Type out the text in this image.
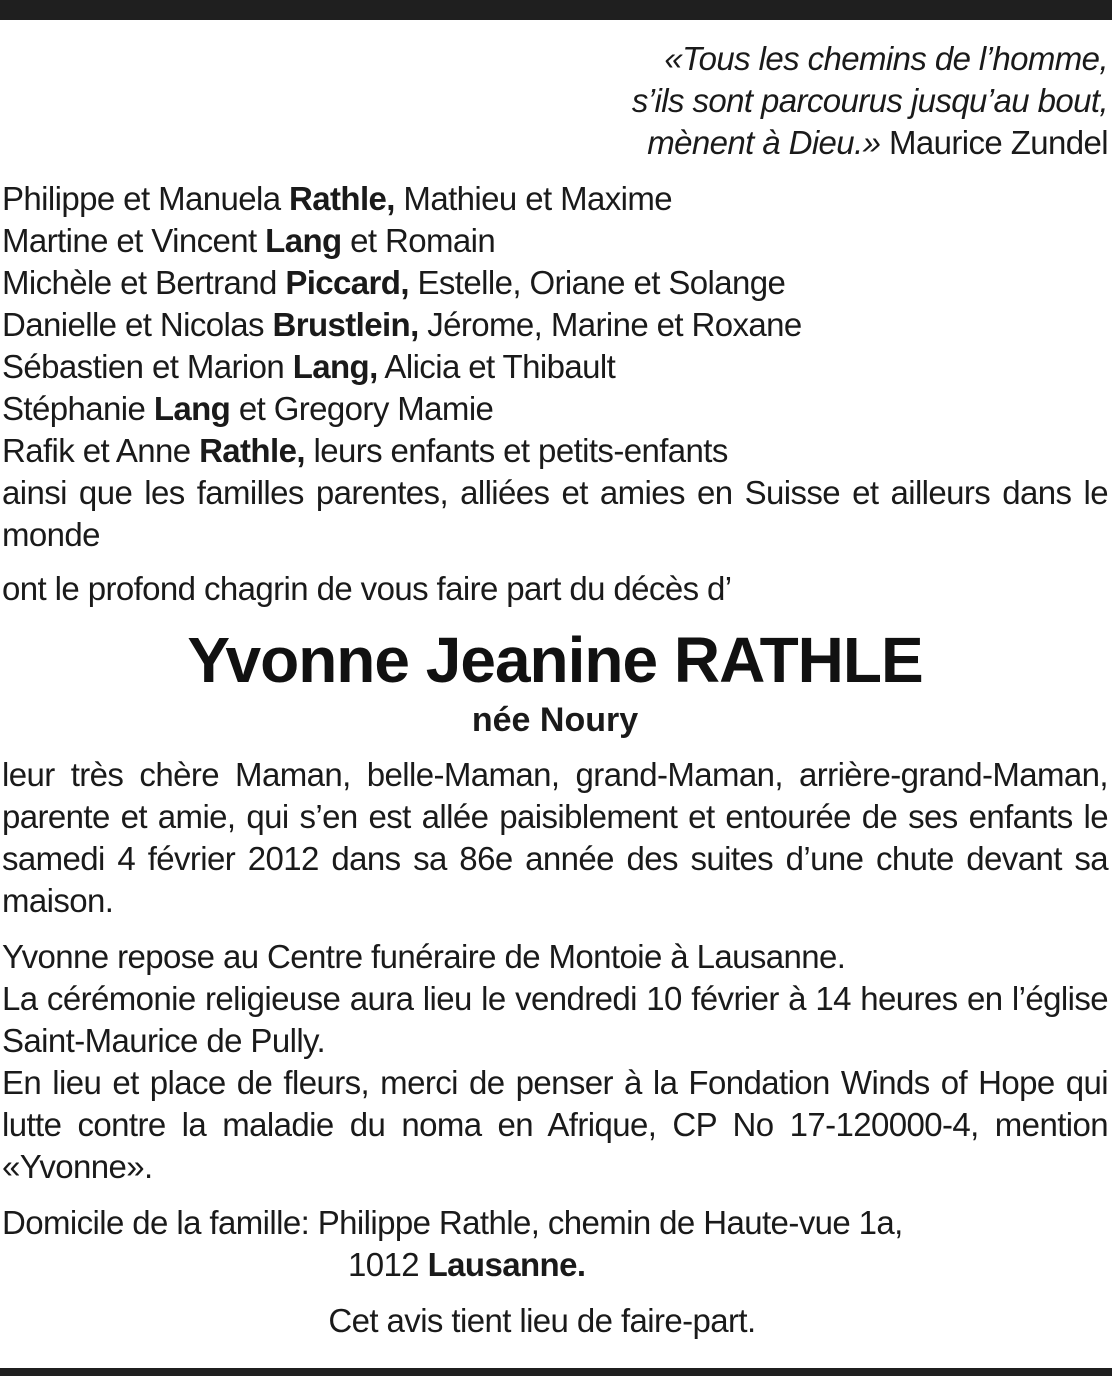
«Tous les chemins de l’homme,
s’ils sont parcourus jusqu’au bout,
mènent à Dieu.» Maurice Zundel
Philippe et Manuela Rathle, Mathieu et Maxime
Martine et Vincent Lang et Romain
Michèle et Bertrand Piccard, Estelle, Oriane et Solange
Danielle et Nicolas Brustlein, Jérome, Marine et Roxane
Sébastien et Marion Lang, Alicia et Thibault
Stéphanie Lang et Gregory Mamie
Rafik et Anne Rathle, leurs enfants et petits-enfants
ainsi que les familles parentes, alliées et amies en Suisse et ailleurs dans le monde
ont le profond chagrin de vous faire part du décès d’
Yvonne Jeanine RATHLE
née Noury
leur très chère Maman, belle-Maman, grand-Maman, arrière-grand-Maman, parente et amie, qui s’en est allée paisiblement et entourée de ses enfants le samedi 4 février 2012 dans sa 86e année des suites d’une chute devant sa maison.
Yvonne repose au Centre funéraire de Montoie à Lausanne.
La cérémonie religieuse aura lieu le vendredi 10 février à 14 heures en l’église Saint-Maurice de Pully.
En lieu et place de fleurs, merci de penser à la Fondation Winds of Hope qui lutte contre la maladie du noma en Afrique, CP No 17-120000-4, mention «Yvonne».
Domicile de la famille: Philippe Rathle, chemin de Haute-vue 1a,
1012 Lausanne.
Cet avis tient lieu de faire-part.
